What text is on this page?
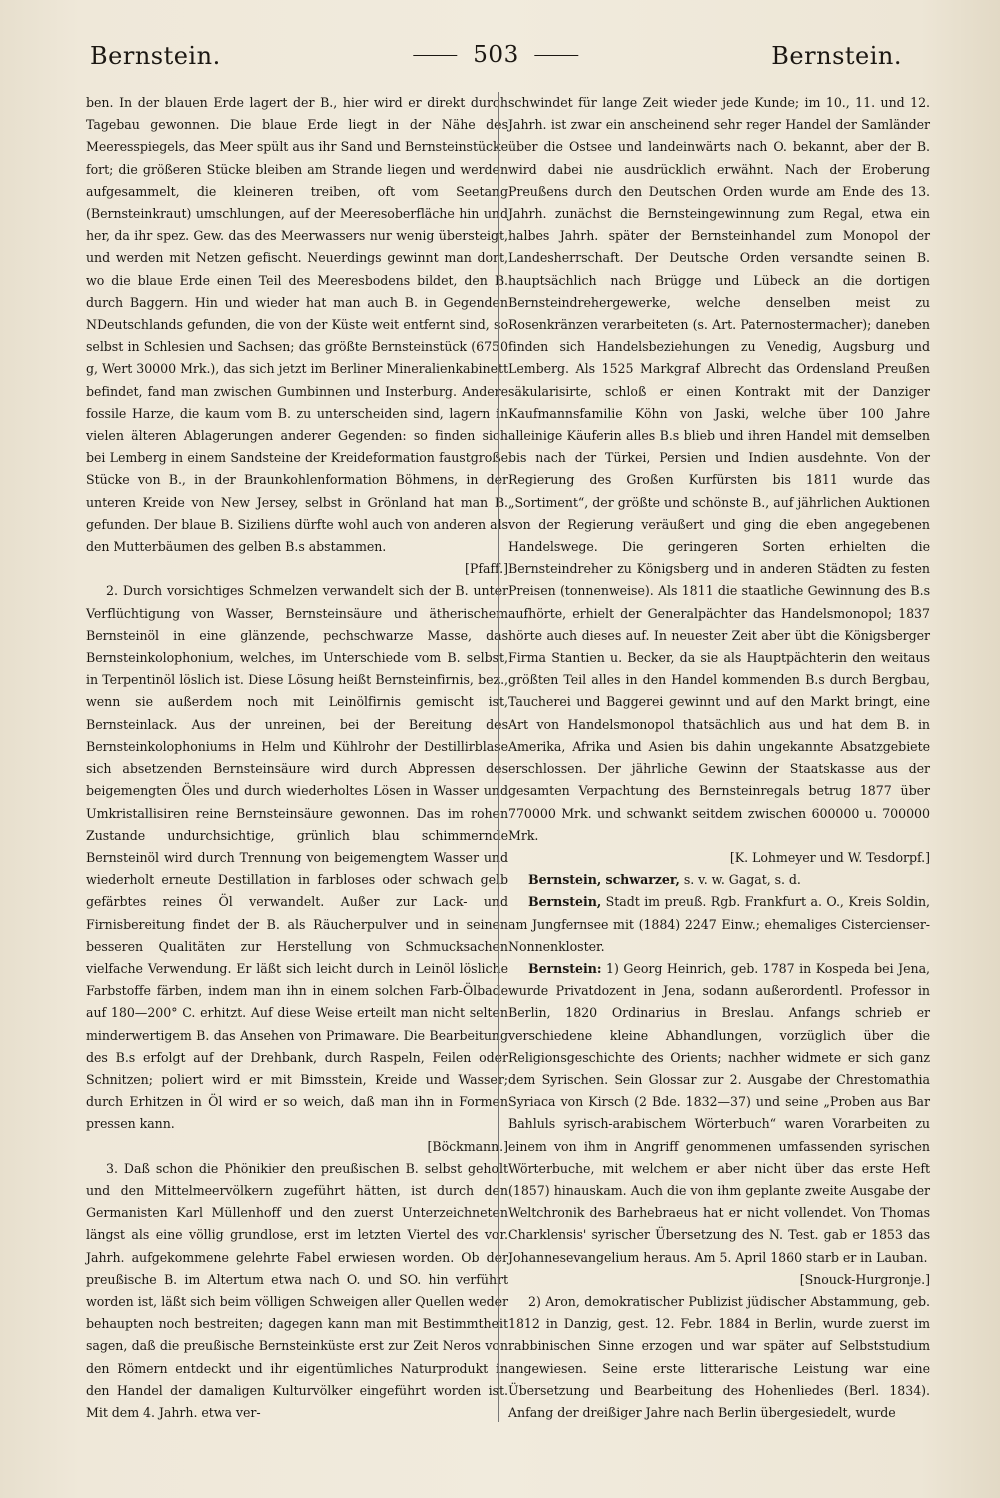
Bernstein.	503	Bernstein.

ben. In der blauen Erde lagert der B., hier wird er direkt durch Tagebau gewonnen. Die blaue Erde liegt in der Nähe des Meeresspiegels, das Meer spült aus ihr Sand und Bernsteinstücke fort; die größeren Stücke bleiben am Strande liegen und werden aufgesammelt, die kleineren treiben, oft vom Seetang (Bernsteinkraut) umschlungen, auf der Meeresoberfläche hin und her, da ihr spez. Gew. das des Meerwassers nur wenig übersteigt, und werden mit Netzen gefischt. Neuerdings gewinnt man dort, wo die blaue Erde einen Teil des Meeresbodens bildet, den B. durch Baggern. Hin und wieder hat man auch B. in Gegenden NDeutschlands gefunden, die von der Küste weit entfernt sind, so selbst in Schlesien und Sachsen; das größte Bernsteinstück (6750 g, Wert 30000 Mrk.), das sich jetzt im Berliner Mineralienkabinett befindet, fand man zwischen Gumbinnen und Insterburg. Andere fossile Harze, die kaum vom B. zu unterscheiden sind, lagern in vielen älteren Ablagerungen anderer Gegenden: so finden sich bei Lemberg in einem Sandsteine der Kreideformation faustgroße Stücke von B., in der Braunkohlenformation Böhmens, in der unteren Kreide von New Jersey, selbst in Grönland hat man B. gefunden. Der blaue B. Siziliens dürfte wohl auch von anderen als den Mutterbäumen des gelben B.s abstammen.
[Pfaff.]

2. Durch vorsichtiges Schmelzen verwandelt sich der B. unter Verflüchtigung von Wasser, Bernsteinsäure und ätherischem Bernsteinöl in eine glänzende, pechschwarze Masse, das Bernsteinkolophonium, welches, im Unterschiede vom B. selbst, in Terpentinöl löslich ist. Diese Lösung heißt Bernsteinfirnis, bez., wenn sie außerdem noch mit Leinölfirnis gemischt ist, Bernsteinlack. Aus der unreinen, bei der Bereitung des Bernsteinkolophoniums in Helm und Kühlrohr der Destillirblase sich absetzenden Bernsteinsäure wird durch Abpressen des beigemengten Öles und durch wiederholtes Lösen in Wasser und Umkristallisiren reine Bernsteinsäure gewonnen. Das im rohen Zustande undurchsichtige, grünlich blau schimmernde Bernsteinöl wird durch Trennung von beigemengtem Wasser und wiederholt erneute Destillation in farbloses oder schwach gelb gefärbtes reines Öl verwandelt. Außer zur Lack- und Firnisbereitung findet der B. als Räucherpulver und in seinen besseren Qualitäten zur Herstellung von Schmucksachen vielfache Verwendung. Er läßt sich leicht durch in Leinöl lösliche Farbstoffe färben, indem man ihn in einem solchen Farb-Ölbade auf 180—200° C. erhitzt. Auf diese Weise erteilt man nicht selten minderwertigem B. das Ansehen von Primaware. Die Bearbeitung des B.s erfolgt auf der Drehbank, durch Raspeln, Feilen oder Schnitzen; poliert wird er mit Bimsstein, Kreide und Wasser; durch Erhitzen in Öl wird er so weich, daß man ihn in Formen pressen kann.
[Böckmann.]

3. Daß schon die Phönikier den preußischen B. selbst geholt und den Mittelmeervölkern zugeführt hätten, ist durch den Germanisten Karl Müllenhoff und den zuerst Unterzeichneten längst als eine völlig grundlose, erst im letzten Viertel des vor. Jahrh. aufgekommene gelehrte Fabel erwiesen worden. Ob der preußische B. im Altertum etwa nach O. und SO. hin verführt worden ist, läßt sich beim völligen Schweigen aller Quellen weder behaupten noch bestreiten; dagegen kann man mit Bestimmtheit sagen, daß die preußische Bernsteinküste erst zur Zeit Neros von den Römern entdeckt und ihr eigentümliches Naturprodukt in den Handel der damaligen Kulturvölker eingeführt worden ist. Mit dem 4. Jahrh. etwa ver-

schwindet für lange Zeit wieder jede Kunde; im 10., 11. und 12. Jahrh. ist zwar ein anscheinend sehr reger Handel der Samländer über die Ostsee und landeinwärts nach O. bekannt, aber der B. wird dabei nie ausdrücklich erwähnt. Nach der Eroberung Preußens durch den Deutschen Orden wurde am Ende des 13. Jahrh. zunächst die Bernsteingewinnung zum Regal, etwa ein halbes Jahrh. später der Bernsteinhandel zum Monopol der Landesherrschaft. Der Deutsche Orden versandte seinen B. hauptsächlich nach Brügge und Lübeck an die dortigen Bernsteindrehergewerke, welche denselben meist zu Rosenkränzen verarbeiteten (s. Art. Paternostermacher); daneben finden sich Handelsbeziehungen zu Venedig, Augsburg und Lemberg. Als 1525 Markgraf Albrecht das Ordensland Preußen säkularisirte, schloß er einen Kontrakt mit der Danziger Kaufmannsfamilie Köhn von Jaski, welche über 100 Jahre alleinige Käuferin alles B.s blieb und ihren Handel mit demselben bis nach der Türkei, Persien und Indien ausdehnte. Von der Regierung des Großen Kurfürsten bis 1811 wurde das „Sortiment“, der größte und schönste B., auf jährlichen Auktionen von der Regierung veräußert und ging die eben angegebenen Handelswege. Die geringeren Sorten erhielten die Bernsteindreher zu Königsberg und in anderen Städten zu festen Preisen (tonnenweise). Als 1811 die staatliche Gewinnung des B.s aufhörte, erhielt der Generalpächter das Handelsmonopol; 1837 hörte auch dieses auf. In neuester Zeit aber übt die Königsberger Firma Stantien u. Becker, da sie als Hauptpächterin den weitaus größten Teil alles in den Handel kommenden B.s durch Bergbau, Taucherei und Baggerei gewinnt und auf den Markt bringt, eine Art von Handelsmonopol thatsächlich aus und hat dem B. in Amerika, Afrika und Asien bis dahin ungekannte Absatzgebiete erschlossen. Der jährliche Gewinn der Staatskasse aus der gesamten Verpachtung des Bernsteinregals betrug 1877 über 770000 Mrk. und schwankt seitdem zwischen 600000 u. 700000 Mrk.
[K. Lohmeyer und W. Tesdorpf.]

Bernstein, schwarzer, s. v. w. Gagat, s. d.

Bernstein, Stadt im preuß. Rgb. Frankfurt a. O., Kreis Soldin, am Jungfernsee mit (1884) 2247 Einw.; ehemaliges Cistercienser-Nonnenkloster.

Bernstein: 1) Georg Heinrich, geb. 1787 in Kospeda bei Jena, wurde Privatdozent in Jena, sodann außerordentl. Professor in Berlin, 1820 Ordinarius in Breslau. Anfangs schrieb er verschiedene kleine Abhandlungen, vorzüglich über die Religionsgeschichte des Orients; nachher widmete er sich ganz dem Syrischen. Sein Glossar zur 2. Ausgabe der Chrestomathia Syriaca von Kirsch (2 Bde. 1832—37) und seine „Proben aus Bar Bahluls syrisch-arabischem Wörterbuch“ waren Vorarbeiten zu einem von ihm in Angriff genommenen umfassenden syrischen Wörterbuche, mit welchem er aber nicht über das erste Heft (1857) hinauskam. Auch die von ihm geplante zweite Ausgabe der Weltchronik des Barhebraeus hat er nicht vollendet. Von Thomas Charklensis' syrischer Übersetzung des N. Test. gab er 1853 das Johannesevangelium heraus. Am 5. April 1860 starb er in Lauban.
[Snouck-Hurgronje.]

2) Aron, demokratischer Publizist jüdischer Abstammung, geb. 1812 in Danzig, gest. 12. Febr. 1884 in Berlin, wurde zuerst im rabbinischen Sinne erzogen und war später auf Selbststudium angewiesen. Seine erste litterarische Leistung war eine Übersetzung und Bearbeitung des Hohenliedes (Berl. 1834). Anfang der dreißiger Jahre nach Berlin übergesiedelt, wurde
